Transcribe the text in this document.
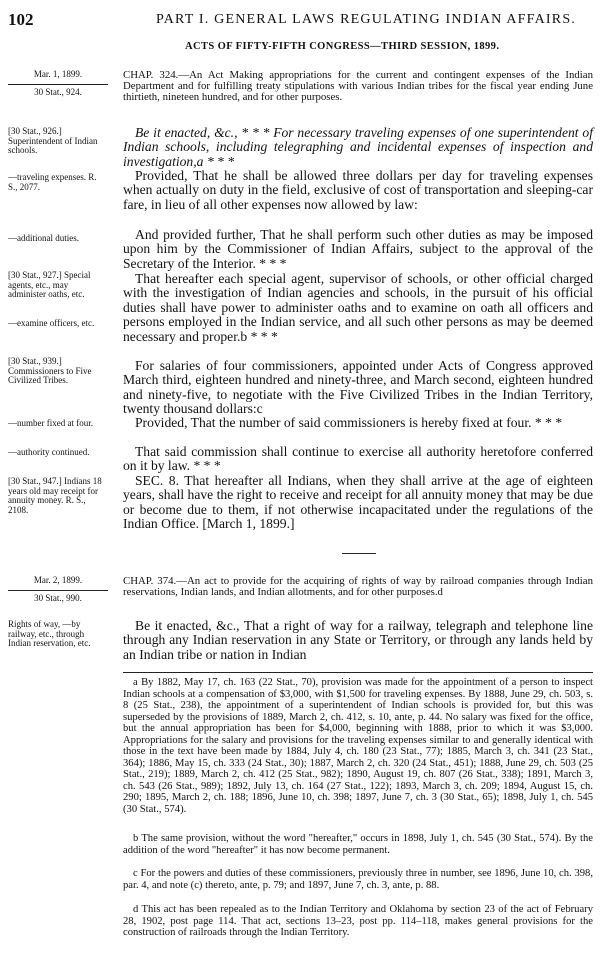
102	PART I. GENERAL LAWS REGULATING INDIAN AFFAIRS.
ACTS OF FIFTY-FIFTH CONGRESS—THIRD SESSION, 1899.
Mar. 1, 1899.
30 Stat., 924.
CHAP. 324.—An Act Making appropriations for the current and contingent expenses of the Indian Department and for fulfilling treaty stipulations with various Indian tribes for the fiscal year ending June thirtieth, nineteen hundred, and for other purposes.
[30 Stat., 926.] Superintendent of Indian schools.
—traveling expenses. R. S., 2077.
—additional duties.
[30 Stat., 927.] Special agents, etc., may administer oaths, etc.
—examine officers, etc.
[30 Stat., 939.] Commissioners to Five Civilized Tribes.
—number fixed at four.
—authority continued.
[30 Stat., 947.] Indians 18 years old may receipt for annuity money. R. S., 2108.
Be it enacted, &c., * * * For necessary traveling expenses of one superintendent of Indian schools, including telegraphing and incidental expenses of inspection and investigation,a * * *
Provided, That he shall be allowed three dollars per day for traveling expenses when actually on duty in the field, exclusive of cost of transportation and sleeping-car fare, in lieu of all other expenses now allowed by law:
And provided further, That he shall perform such other duties as may be imposed upon him by the Commissioner of Indian Affairs, subject to the approval of the Secretary of the Interior. * * *
That hereafter each special agent, supervisor of schools, or other official charged with the investigation of Indian agencies and schools, in the pursuit of his official duties shall have power to administer oaths and to examine on oath all officers and persons employed in the Indian service, and all such other persons as may be deemed necessary and proper.b * * *
For salaries of four commissioners, appointed under Acts of Congress approved March third, eighteen hundred and ninety-three, and March second, eighteen hundred and ninety-five, to negotiate with the Five Civilized Tribes in the Indian Territory, twenty thousand dollars:c
Provided, That the number of said commissioners is hereby fixed at four. * * *
That said commission shall continue to exercise all authority heretofore conferred on it by law. * * *
SEC. 8. That hereafter all Indians, when they shall arrive at the age of eighteen years, shall have the right to receive and receipt for all annuity money that may be due or become due to them, if not otherwise incapacitated under the regulations of the Indian Office. [March 1, 1899.]
Mar. 2, 1899.
30 Stat., 990.
CHAP. 374.—An act to provide for the acquiring of rights of way by railroad companies through Indian reservations, Indian lands, and Indian allotments, and for other purposes.d
Rights of way, —by railway, etc., through Indian reservation, etc.
Be it enacted, &c., That a right of way for a railway, telegraph and telephone line through any Indian reservation in any State or Territory, or through any lands held by an Indian tribe or nation in Indian
a By 1882, May 17, ch. 163 (22 Stat., 70), provision was made for the appointment of a person to inspect Indian schools at a compensation of $3,000, with $1,500 for traveling expenses. By 1888, June 29, ch. 503, s. 8 (25 Stat., 238), the appointment of a superintendent of Indian schools is provided for, but this was superseded by the provisions of 1889, March 2, ch. 412, s. 10, ante, p. 44. No salary was fixed for the office, but the annual appropriation has been for $4,000, beginning with 1888, prior to which it was $3,000. Appropriations for the salary and provisions for the traveling expenses similar to and generally identical with those in the text have been made by 1884, July 4, ch. 180 (23 Stat., 77); 1885, March 3, ch. 341 (23 Stat., 364); 1886, May 15, ch. 333 (24 Stat., 30); 1887, March 2, ch. 320 (24 Stat., 451); 1888, June 29, ch. 503 (25 Stat., 219); 1889, March 2, ch. 412 (25 Stat., 982); 1890, August 19, ch. 807 (26 Stat., 338); 1891, March 3, ch. 543 (26 Stat., 989); 1892, July 13, ch. 164 (27 Stat., 122); 1893, March 3, ch. 209; 1894, August 15, ch. 290; 1895, March 2, ch. 188; 1896, June 10, ch. 398; 1897, June 7, ch. 3 (30 Stat., 65); 1898, July 1, ch. 545 (30 Stat., 574).
b The same provision, without the word "hereafter," occurs in 1898, July 1, ch. 545 (30 Stat., 574). By the addition of the word "hereafter" it has now become permanent.
c For the powers and duties of these commissioners, previously three in number, see 1896, June 10, ch. 398, par. 4, and note (c) thereto, ante, p. 79; and 1897, June 7, ch. 3, ante, p. 88.
d This act has been repealed as to the Indian Territory and Oklahoma by section 23 of the act of February 28, 1902, post page 114. That act, sections 13–23, post pp. 114–118, makes general provisions for the construction of railroads through the Indian Territory.
